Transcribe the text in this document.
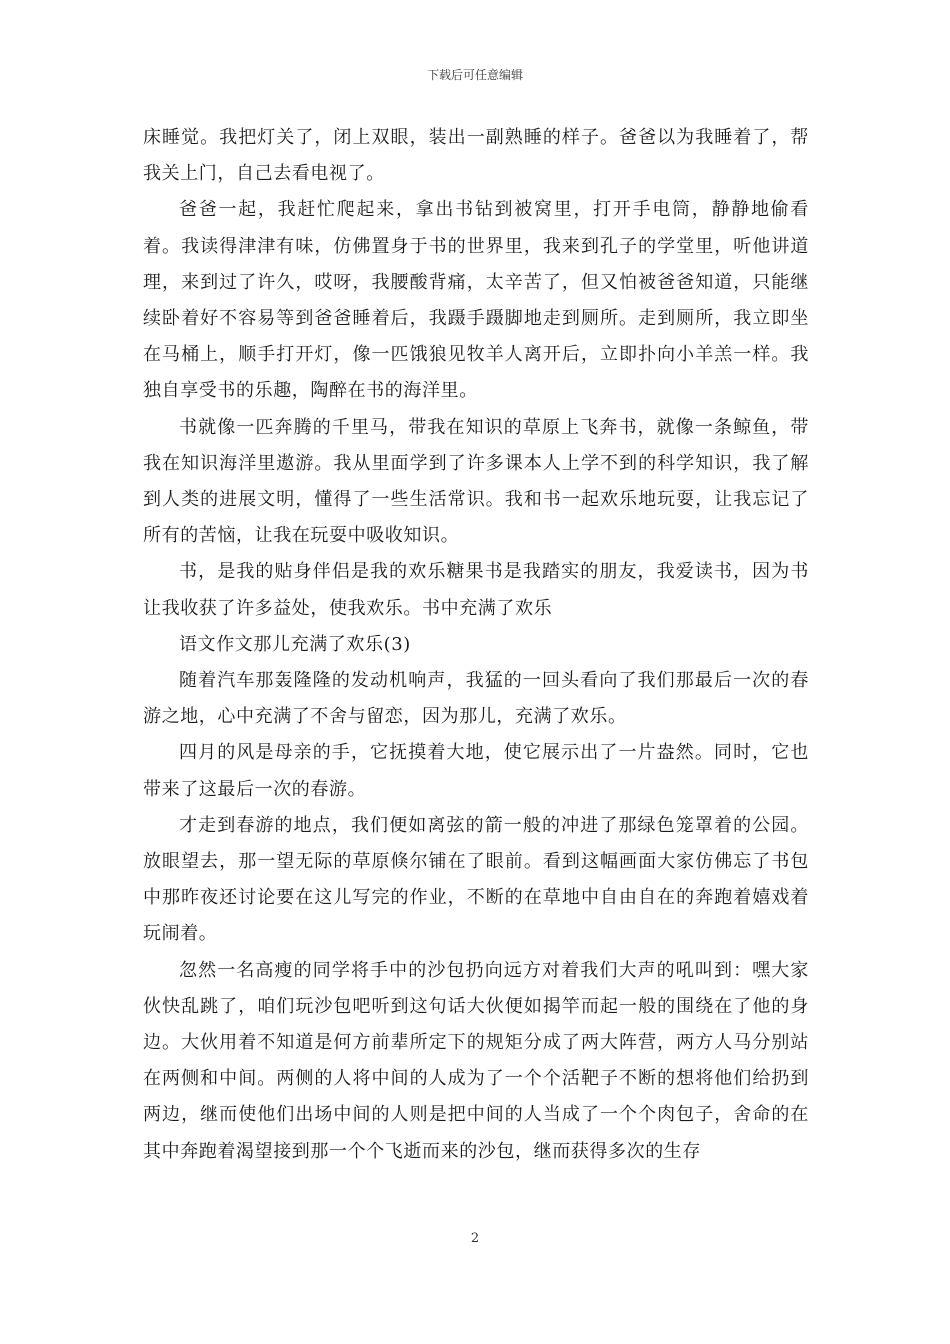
下载后可任意编辑

床睡觉。我把灯关了，闭上双眼，装出一副熟睡的样子。爸爸以为我睡着了，帮我关上门，自己去看电视了。

爸爸一起，我赶忙爬起来，拿出书钻到被窝里，打开手电筒，静静地偷看着。我读得津津有味，仿佛置身于书的世界里，我来到孔子的学堂里，听他讲道理，来到过了许久，哎呀，我腰酸背痛，太辛苦了，但又怕被爸爸知道，只能继续卧着好不容易等到爸爸睡着后，我蹑手蹑脚地走到厕所。走到厕所，我立即坐在马桶上，顺手打开灯，像一匹饿狼见牧羊人离开后，立即扑向小羊羔一样。我独自享受书的乐趣，陶醉在书的海洋里。

书就像一匹奔腾的千里马，带我在知识的草原上飞奔书，就像一条鲸鱼，带我在知识海洋里遨游。我从里面学到了许多课本人上学不到的科学知识，我了解到人类的进展文明，懂得了一些生活常识。我和书一起欢乐地玩耍，让我忘记了所有的苦恼，让我在玩耍中吸收知识。

书，是我的贴身伴侣是我的欢乐糖果书是我踏实的朋友，我爱读书，因为书让我收获了许多益处，使我欢乐。书中充满了欢乐

语文作文那儿充满了欢乐(3)

随着汽车那轰隆隆的发动机响声，我猛的一回头看向了我们那最后一次的春游之地，心中充满了不舍与留恋，因为那儿，充满了欢乐。

四月的风是母亲的手，它抚摸着大地，使它展示出了一片盎然。同时，它也带来了这最后一次的春游。

才走到春游的地点，我们便如离弦的箭一般的冲进了那绿色笼罩着的公园。放眼望去，那一望无际的草原倏尔铺在了眼前。看到这幅画面大家仿佛忘了书包中那昨夜还讨论要在这儿写完的作业，不断的在草地中自由自在的奔跑着嬉戏着玩闹着。

忽然一名高瘦的同学将手中的沙包扔向远方对着我们大声的吼叫到：嘿大家伙快乱跳了，咱们玩沙包吧听到这句话大伙便如揭竿而起一般的围绕在了他的身边。大伙用着不知道是何方前辈所定下的规矩分成了两大阵营，两方人马分别站在两侧和中间。两侧的人将中间的人成为了一个个活靶子不断的想将他们给扔到两边，继而使他们出场中间的人则是把中间的人当成了一个个肉包子，舍命的在其中奔跑着渴望接到那一个个飞逝而来的沙包，继而获得多次的生存

2
